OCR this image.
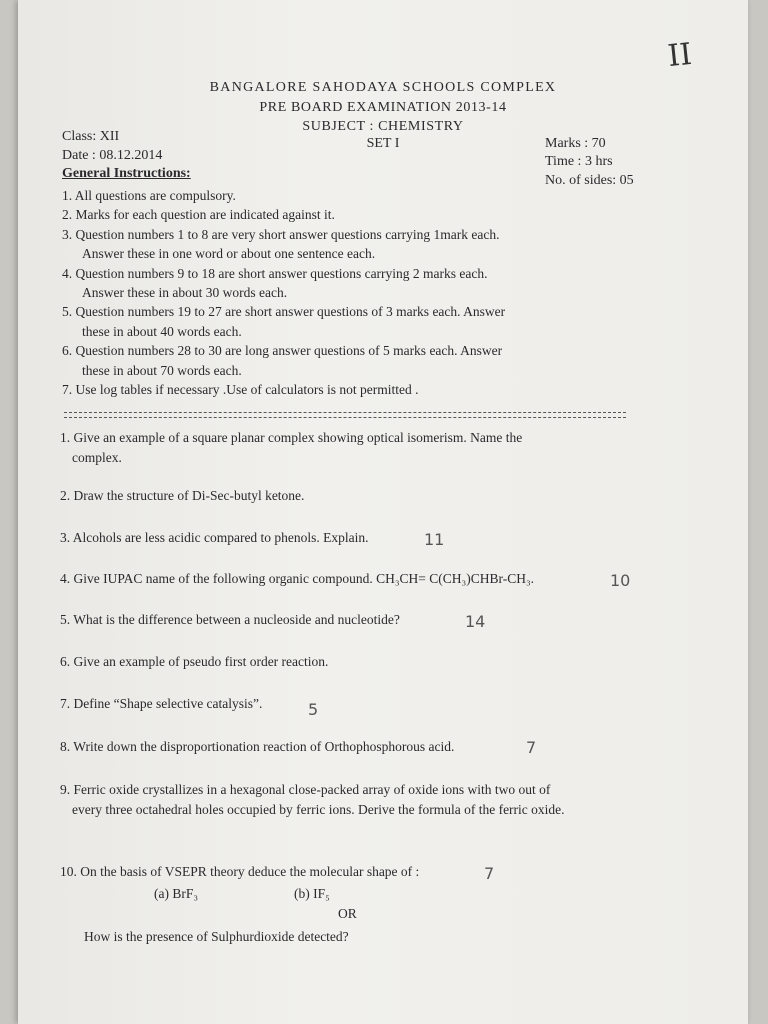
II
BANGALORE SAHODAYA SCHOOLS COMPLEX
PRE BOARD EXAMINATION 2013-14
SUBJECT : CHEMISTRY
SET I
Class: XII
Date : 08.12.2014
Marks : 70
Time : 3 hrs
No. of sides: 05
General Instructions:

1. All questions are compulsory.

2. Marks for each question are indicated against it.

3. Question numbers 1 to 8 are very short answer questions carrying 1mark each.

Answer these in one word or about one sentence each.

4. Question numbers 9 to 18 are short answer questions carrying 2 marks each.

Answer these in about 30 words each.

5. Question numbers 19 to 27 are short answer questions of 3 marks each. Answer

these in about 40 words each.

6. Question numbers 28 to 30 are long answer questions of 5 marks each. Answer

these in about 70 words each.

7. Use log tables if necessary .Use of calculators is not permitted .

1. Give an example of a square planar complex showing optical isomerism. Name the
complex.
2. Draw the structure of Di-Sec-butyl ketone.
3. Alcohols are less acidic compared to phenols. Explain.
4. Give IUPAC name of the following organic compound. CH₃CH= C(CH₃)CHBr-CH₃.
5. What is the difference between a nucleoside and nucleotide?
6. Give an example of pseudo first order reaction.
7. Define “Shape selective catalysis”.
8. Write down the disproportionation reaction of Orthophosphorous acid.
9. Ferric oxide crystallizes in a hexagonal close-packed array of oxide ions with two out of
every three octahedral holes occupied by ferric ions. Derive the formula of the ferric oxide.
10. On the basis of VSEPR theory deduce the molecular shape of :
(a) BrF₃	(b) IF₅
OR
How is the presence of Sulphurdioxide detected?
11
10
14
5
7
7
